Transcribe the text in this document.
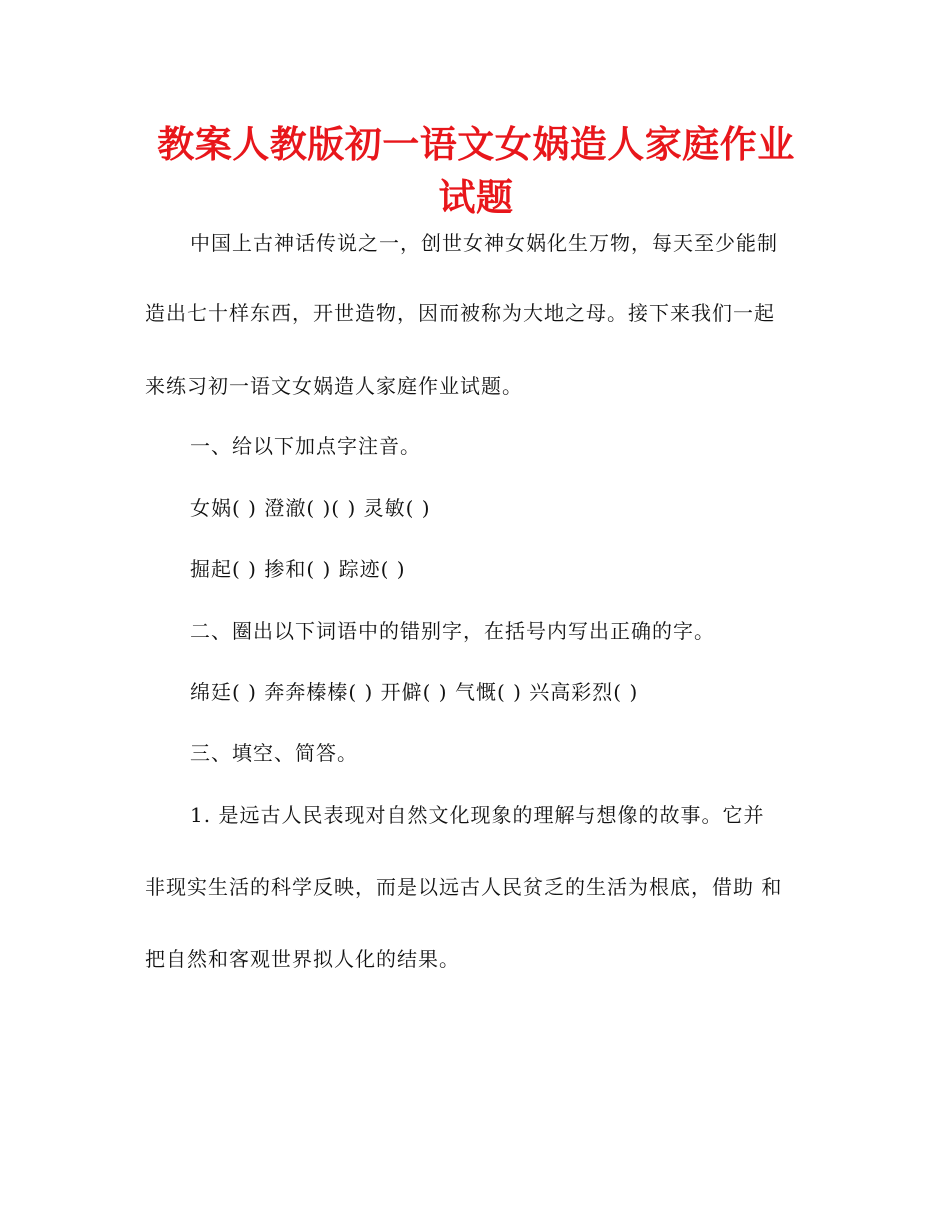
教案人教版初一语文女娲造人家庭作业试题
中国上古神话传说之一，创世女神女娲化生万物，每天至少能制
造出七十样东西，开世造物，因而被称为大地之母。接下来我们一起
来练习初一语文女娲造人家庭作业试题。
一、给以下加点字注音。
女娲( ) 澄澈( )( ) 灵敏( )
掘起( ) 掺和( ) 踪迹( )
二、圈出以下词语中的错别字，在括号内写出正确的字。
绵廷( ) 奔奔榛榛( ) 开僻( ) 气慨( ) 兴高彩烈( )
三、填空、简答。
1. 是远古人民表现对自然文化现象的理解与想像的故事。它并
非现实生活的科学反映，而是以远古人民贫乏的生活为根底，借助 和
把自然和客观世界拟人化的结果。
